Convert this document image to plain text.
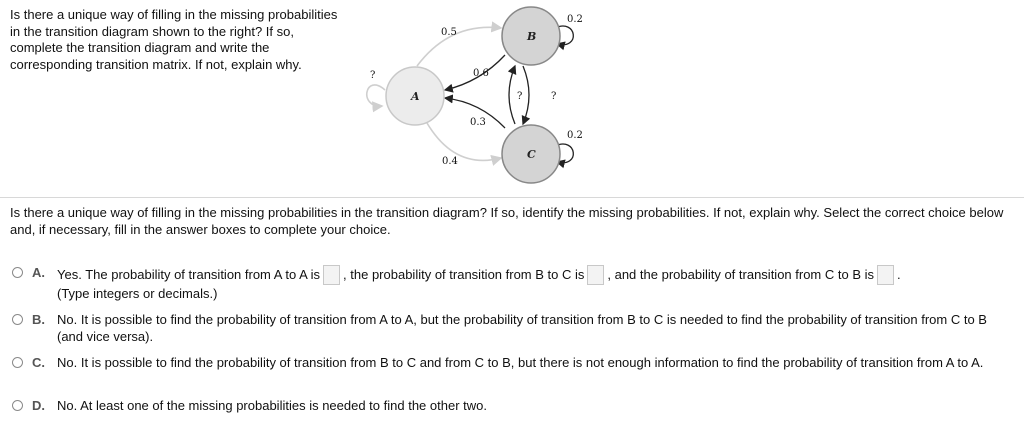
Is there a unique way of filling in the missing probabilities in the transition diagram shown to the right? If so, complete the transition diagram and write the corresponding transition matrix. If not, explain why.
A
B
C
?
0.2
0.2
0.5
0.6
0.3
0.4
?
?
Is there a unique way of filling in the missing probabilities in the transition diagram? If so, identify the missing probabilities. If not, explain why. Select the correct choice below and, if necessary, fill in the answer boxes to complete your choice.
A. Yes. The probability of transition from A to A is , the probability of transition from B to C is , and the probability of transition from C to B is .
(Type integers or decimals.)
B. No. It is possible to find the probability of transition from A to A, but the probability of transition from B to C is needed to find the probability of transition from C to B (and vice versa).
C. No. It is possible to find the probability of transition from B to C and from C to B, but there is not enough information to find the probability of transition from A to A.
D. No. At least one of the missing probabilities is needed to find the other two.
